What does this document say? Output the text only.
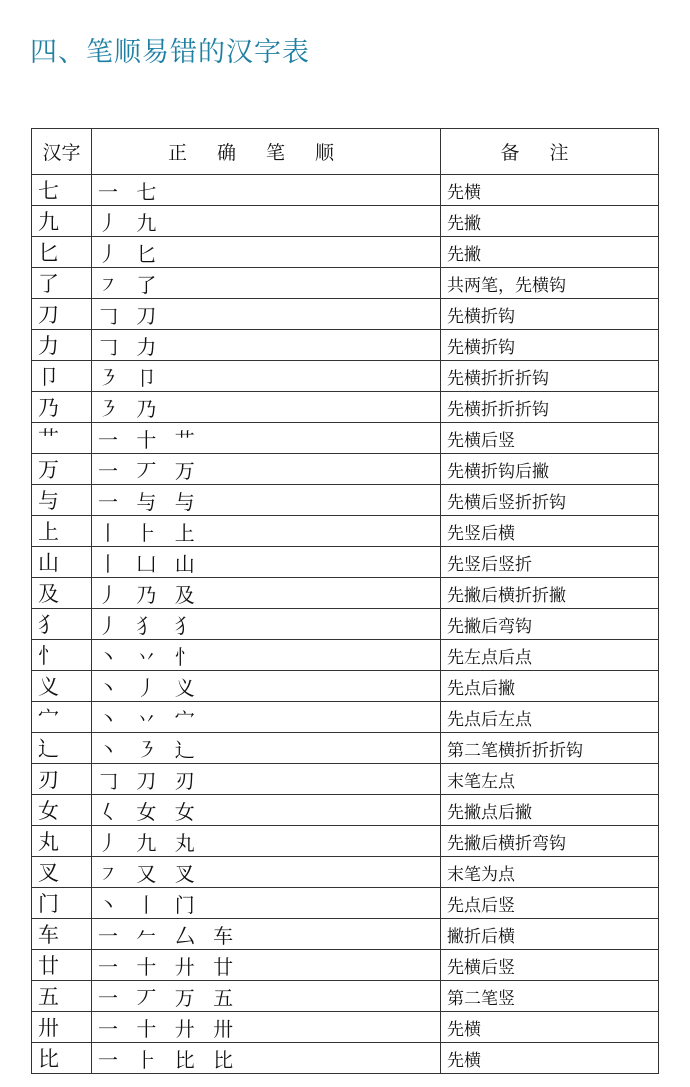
四、笔顺易错的汉字表
汉字	正确笔顺	备注
七	一 七	先横
九	丿 九	先撇
匕	丿 匕	先撇
了	㇇ 了	共两笔，先横钩
刀	𠃌 刀	先横折钩
力	𠃌 力	先横折钩
卩	㇋ 卩	先横折折折钩
乃	㇋ 乃	先横折折折钩
艹	一 十 艹	先横后竖
万	一 丆 万	先横折钩后撇
与	一 与 与	先横后竖折折钩
上	丨 ⺊ 上	先竖后横
山	丨 凵 山	先竖后竖折
及	丿 乃 及	先撇后横折折撇
犭	丿 犭 犭	先撇后弯钩
忄	丶 丷 忄	先左点后点
义	丶 丿 义	先点后撇
宀	丶 丷 宀	先点后左点
辶	丶 ㇋ 辶	第二笔横折折折钩
刃	𠃌 刀 刃	末笔左点
女	𡿨 女 女	先撇点后撇
丸	丿 九 丸	先撇后横折弯钩
叉	㇇ 又 叉	末笔为点
门	丶 丨 门	先点后竖
车	一 𠂉 厶 车	撇折后横
廿	一 十 廾 廿	先横后竖
五	一 丆 万 五	第二笔竖
卅	一 十 廾 卅	先横
比	一 ⺊ 比 比	先横
